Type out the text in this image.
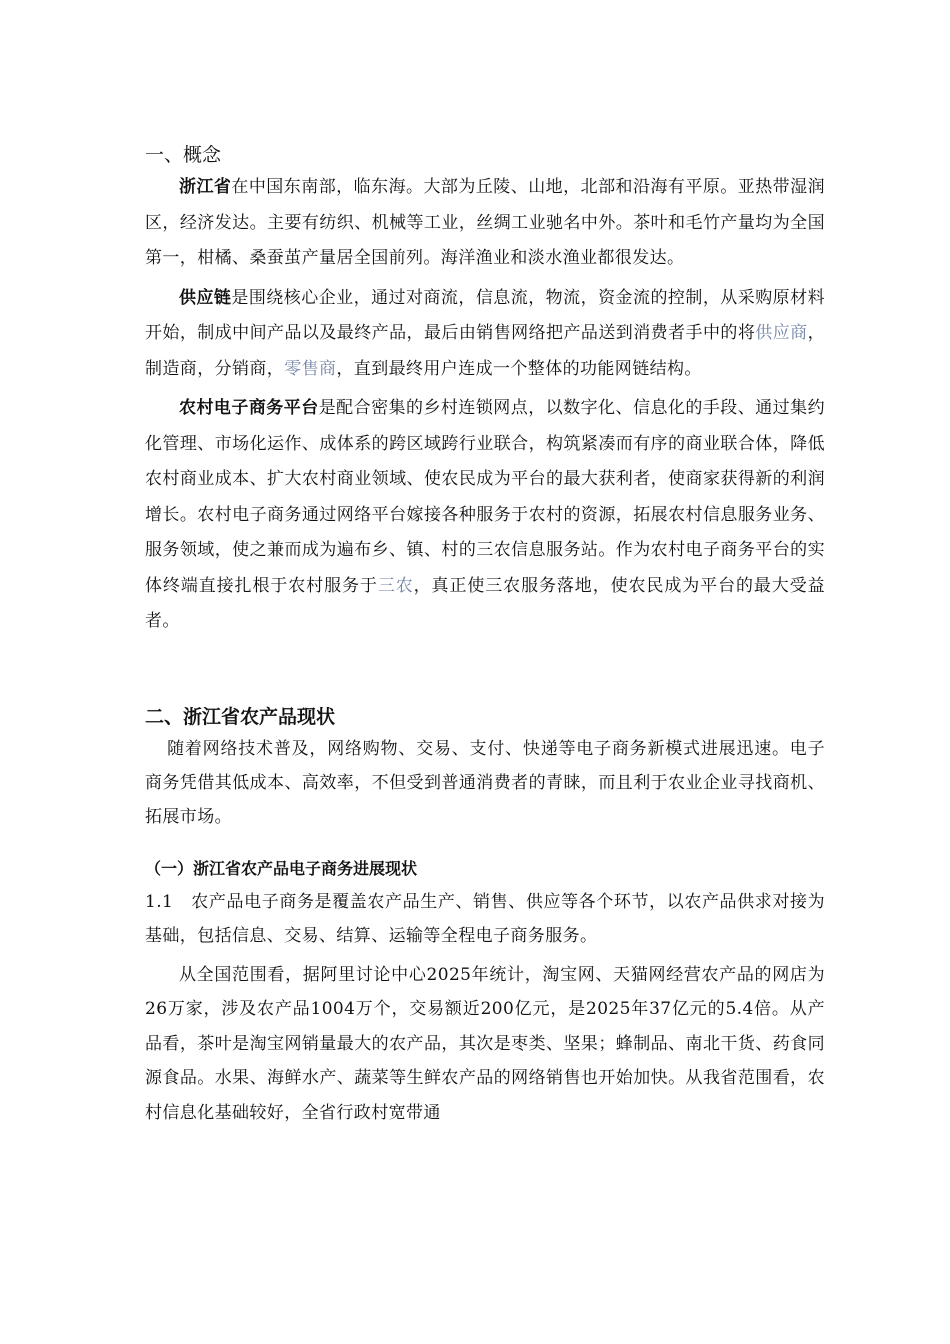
一、概念

浙江省在中国东南部，临东海。大部为丘陵、山地，北部和沿海有平原。亚热带湿润区，经济发达。主要有纺织、机械等工业，丝绸工业驰名中外。茶叶和毛竹产量均为全国第一，柑橘、桑蚕茧产量居全国前列。海洋渔业和淡水渔业都很发达。

供应链是围绕核心企业，通过对商流，信息流，物流，资金流的控制，从采购原材料开始，制成中间产品以及最终产品，最后由销售网络把产品送到消费者手中的将供应商，制造商，分销商，零售商，直到最终用户连成一个整体的功能网链结构。

农村电子商务平台是配合密集的乡村连锁网点，以数字化、信息化的手段、通过集约化管理、市场化运作、成体系的跨区域跨行业联合，构筑紧凑而有序的商业联合体，降低农村商业成本、扩大农村商业领域、使农民成为平台的最大获利者，使商家获得新的利润增长。农村电子商务通过网络平台嫁接各种服务于农村的资源，拓展农村信息服务业务、服务领域，使之兼而成为遍布乡、镇、村的三农信息服务站。作为农村电子商务平台的实体终端直接扎根于农村服务于三农，真正使三农服务落地，使农民成为平台的最大受益者。

二、浙江省农产品现状

随着网络技术普及，网络购物、交易、支付、快递等电子商务新模式进展迅速。电子商务凭借其低成本、高效率，不但受到普通消费者的青睐，而且利于农业企业寻找商机、拓展市场。

（一）浙江省农产品电子商务进展现状

1.1 农产品电子商务是覆盖农产品生产、销售、供应等各个环节，以农产品供求对接为基础，包括信息、交易、结算、运输等全程电子商务服务。

从全国范围看，据阿里讨论中心2025年统计，淘宝网、天猫网经营农产品的网店为26万家，涉及农产品1004万个，交易额近200亿元，是2025年37亿元的5.4倍。从产品看，茶叶是淘宝网销量最大的农产品，其次是枣类、坚果；蜂制品、南北干货、药食同源食品。水果、海鲜水产、蔬菜等生鲜农产品的网络销售也开始加快。从我省范围看，农村信息化基础较好，全省行政村宽带通
